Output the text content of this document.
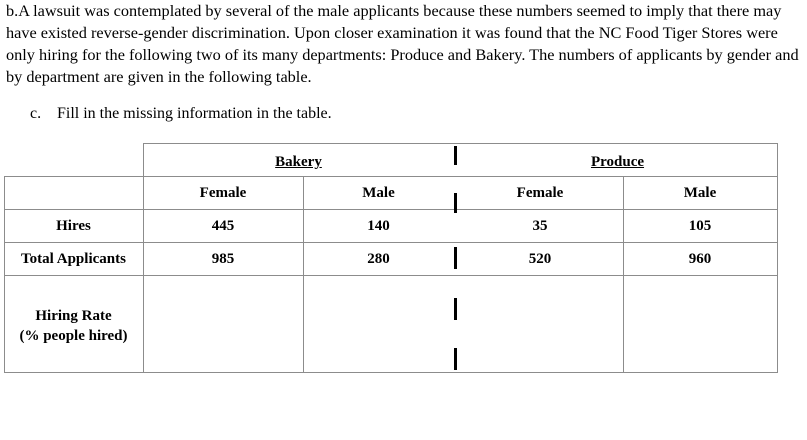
b.A lawsuit was contemplated by several of the male applicants because these numbers seemed to imply that there may have existed reverse-gender discrimination. Upon closer examination it was found that the NC Food Tiger Stores were only hiring for the following two of its many departments: Produce and Bakery. The numbers of applicants by gender and by department are given in the following table.
c. Fill in the missing information in the table.
Bakery	Produce
Female	Male	Female	Male
Hires	445	140	35	105
Total Applicants	985	280	520	960
Hiring Rate
(% people hired)
